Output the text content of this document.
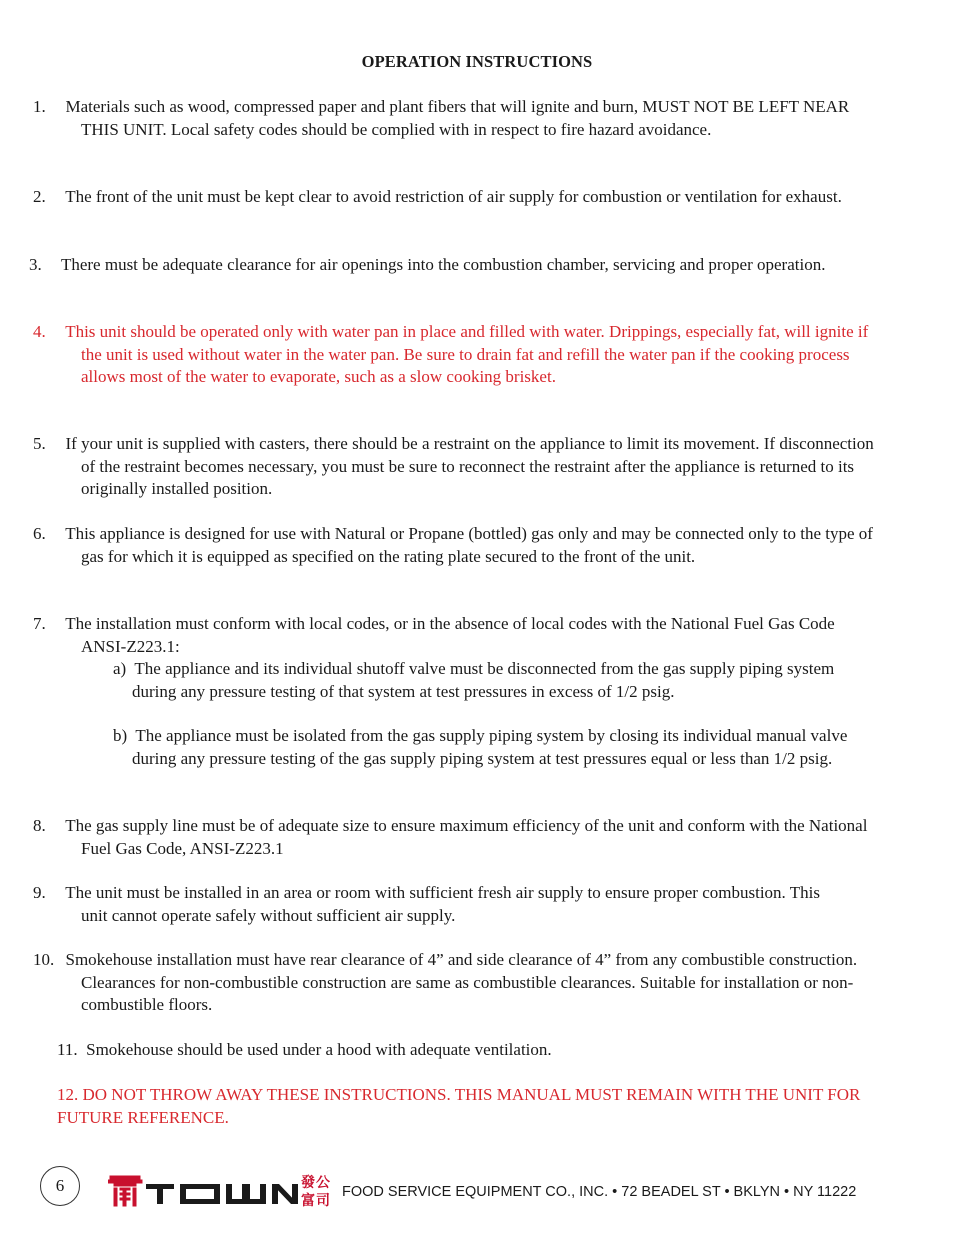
OPERATION INSTRUCTIONS

1. Materials such as wood, compressed paper and plant fibers that will ignite and burn, MUST NOT BE LEFT NEAR THIS UNIT. Local safety codes should be complied with in respect to fire hazard avoidance.

2. The front of the unit must be kept clear to avoid restriction of air supply for combustion or ventilation for exhaust.

3. There must be adequate clearance for air openings into the combustion chamber, servicing and proper operation.

4. This unit should be operated only with water pan in place and filled with water. Drippings, especially fat, will ignite if the unit is used without water in the water pan. Be sure to drain fat and refill the water pan if the cooking process allows most of the water to evaporate, such as a slow cooking brisket.

5. If your unit is supplied with casters, there should be a restraint on the appliance to limit its movement. If disconnection of the restraint becomes necessary, you must be sure to reconnect the restraint after the appliance is returned to its originally installed position.

6. This appliance is designed for use with Natural or Propane (bottled) gas only and may be connected only to the type of gas for which it is equipped as specified on the rating plate secured to the front of the unit.

7. The installation must conform with local codes, or in the absence of local codes with the National Fuel Gas Code ANSI-Z223.1:

a) The appliance and its individual shutoff valve must be disconnected from the gas supply piping system during any pressure testing of that system at test pressures in excess of 1/2 psig.

b) The appliance must be isolated from the gas supply piping system by closing its individual manual valve during any pressure testing of the gas supply piping system at test pressures equal or less than 1/2 psig.

8. The gas supply line must be of adequate size to ensure maximum efficiency of the unit and conform with the National Fuel Gas Code, ANSI-Z223.1

9. The unit must be installed in an area or room with sufficient fresh air supply to ensure proper combustion. This unit cannot operate safely without sufficient air supply.

10. Smokehouse installation must have rear clearance of 4” and side clearance of 4” from any combustible construction. Clearances for non-combustible construction are same as combustible clearances. Suitable for installation or non-combustible floors.

11. Smokehouse should be used under a hood with adequate ventilation.

12. DO NOT THROW AWAY THESE INSTRUCTIONS. THIS MANUAL MUST REMAIN WITH THE UNIT FOR FUTURE REFERENCE.

6	發 公
富 司
FOOD SERVICE EQUIPMENT CO., INC. • 72 BEADEL ST • BKLYN • NY 11222
